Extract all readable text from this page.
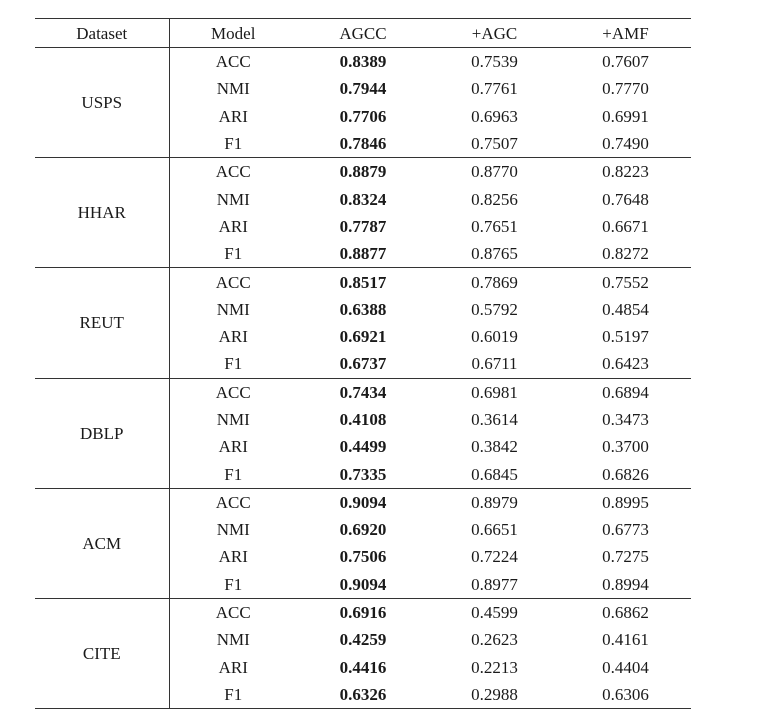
Dataset	Model	AGCC	+AGC	+AMF
USPS	ACC	0.8389	0.7539	0.7607
	NMI	0.7944	0.7761	0.7770
	ARI	0.7706	0.6963	0.6991
	F1	0.7846	0.7507	0.7490
HHAR	ACC	0.8879	0.8770	0.8223
	NMI	0.8324	0.8256	0.7648
	ARI	0.7787	0.7651	0.6671
	F1	0.8877	0.8765	0.8272
REUT	ACC	0.8517	0.7869	0.7552
	NMI	0.6388	0.5792	0.4854
	ARI	0.6921	0.6019	0.5197
	F1	0.6737	0.6711	0.6423
DBLP	ACC	0.7434	0.6981	0.6894
	NMI	0.4108	0.3614	0.3473
	ARI	0.4499	0.3842	0.3700
	F1	0.7335	0.6845	0.6826
ACM	ACC	0.9094	0.8979	0.8995
	NMI	0.6920	0.6651	0.6773
	ARI	0.7506	0.7224	0.7275
	F1	0.9094	0.8977	0.8994
CITE	ACC	0.6916	0.4599	0.6862
	NMI	0.4259	0.2623	0.4161
	ARI	0.4416	0.2213	0.4404
	F1	0.6326	0.2988	0.6306
